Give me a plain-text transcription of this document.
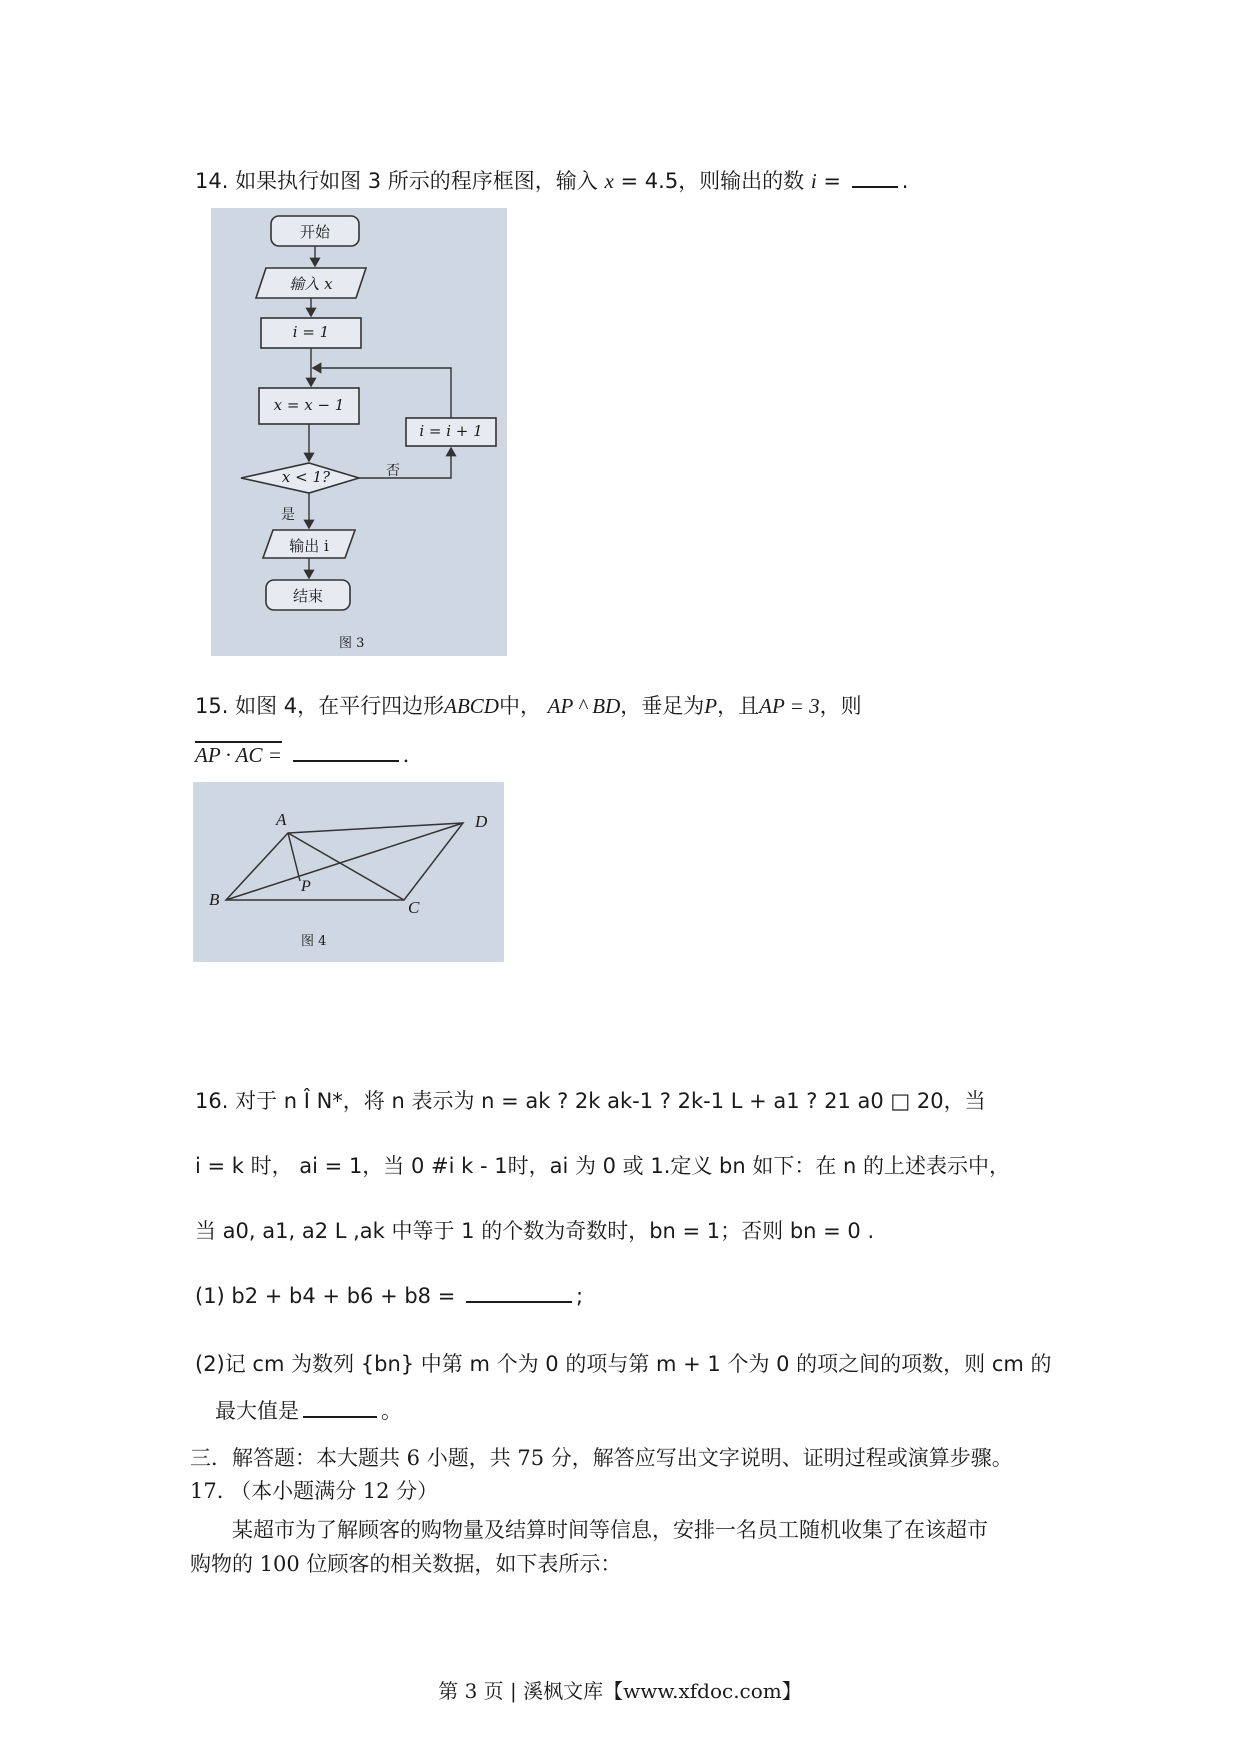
14. 如果执行如图 3 所示的程序框图，输入 x = 4.5，则输出的数 i =	.
开始
输入 x
i = 1
x = x − 1
i = i + 1
x < 1?	否
是
输出 i
结束
图 3
15. 如图 4，在平行四边形ABCD中， AP ^ BD，垂足为P，且AP = 3，则
AP · AC =	.
A	D
B	C
P
图 4
16. 对于 n Î N*，将 n 表示为 n = ak ? 2k ak-1 ? 2k-1 L + a1 ? 21 a0 □ 20，当
i = k 时， ai = 1，当 0 #i k - 1时，ai 为 0 或 1.定义 bn 如下：在 n 的上述表示中，
当 a0, a1, a2 L ,ak 中等于 1 的个数为奇数时，bn = 1；否则 bn = 0 .
(1) b2 + b4 + b6 + b8 =	;
(2)记 cm 为数列 {bn} 中第 m 个为 0 的项与第 m + 1 个为 0 的项之间的项数，则 cm 的
最大值是	。
三．解答题：本大题共 6 小题，共 75 分，解答应写出文字说明、证明过程或演算步骤。
17. （本小题满分 12 分）
某超市为了解顾客的购物量及结算时间等信息，安排一名员工随机收集了在该超市
购物的 100 位顾客的相关数据，如下表所示：
第 3 页 | 溪枫文库【www.xfdoc.com】
